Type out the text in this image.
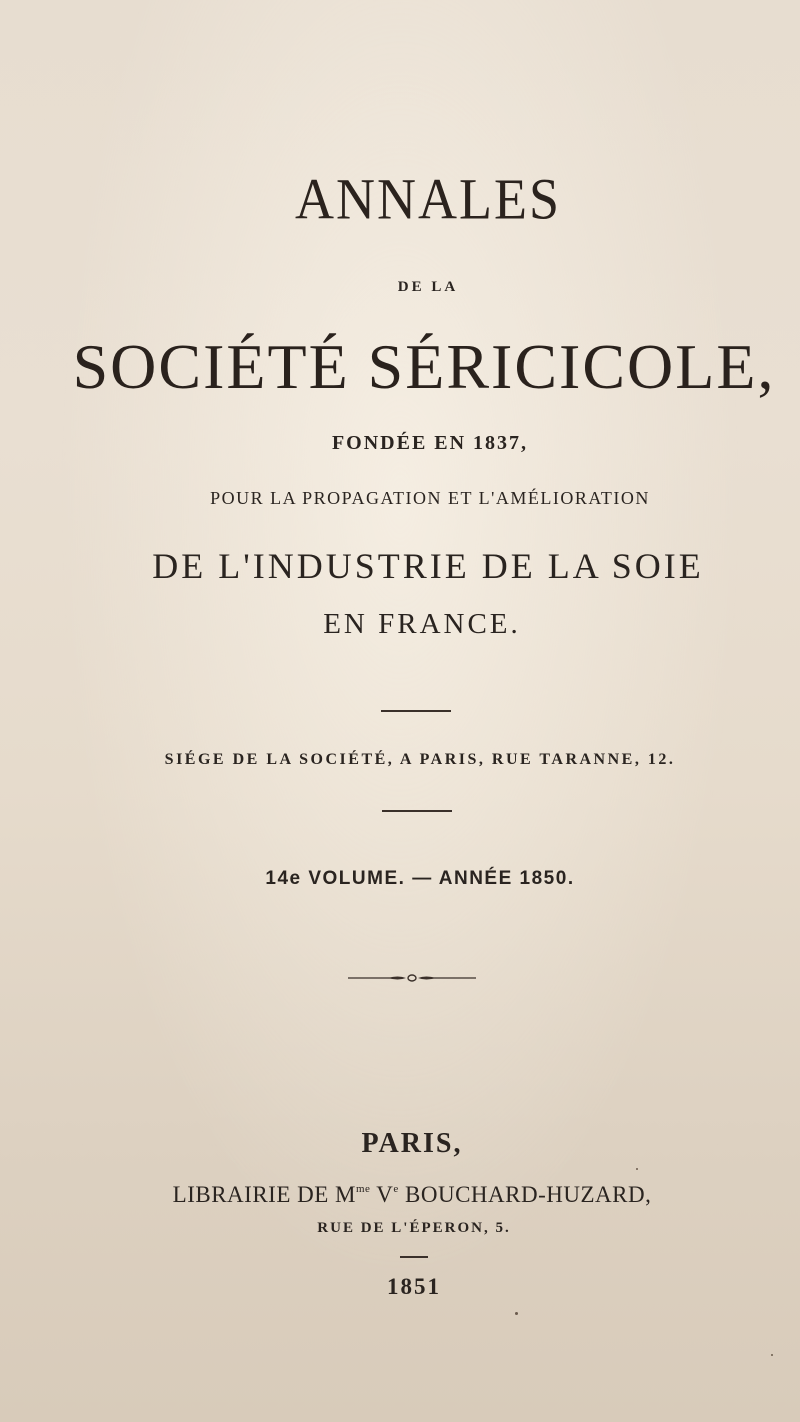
ANNALES
DE LA
SOCIÉTÉ SÉRICICOLE,
FONDÉE EN 1837,
POUR LA PROPAGATION ET L'AMÉLIORATION
DE L'INDUSTRIE DE LA SOIE
EN FRANCE.
SIÉGE DE LA SOCIÉTÉ, A PARIS, RUE TARANNE, 12.
14e VOLUME. — ANNÉE 1850.
PARIS,
LIBRAIRIE DE $M^{me}$ Ve BOUCHARD-HUZARD,
RUE DE L'ÉPERON, 5.
1851
